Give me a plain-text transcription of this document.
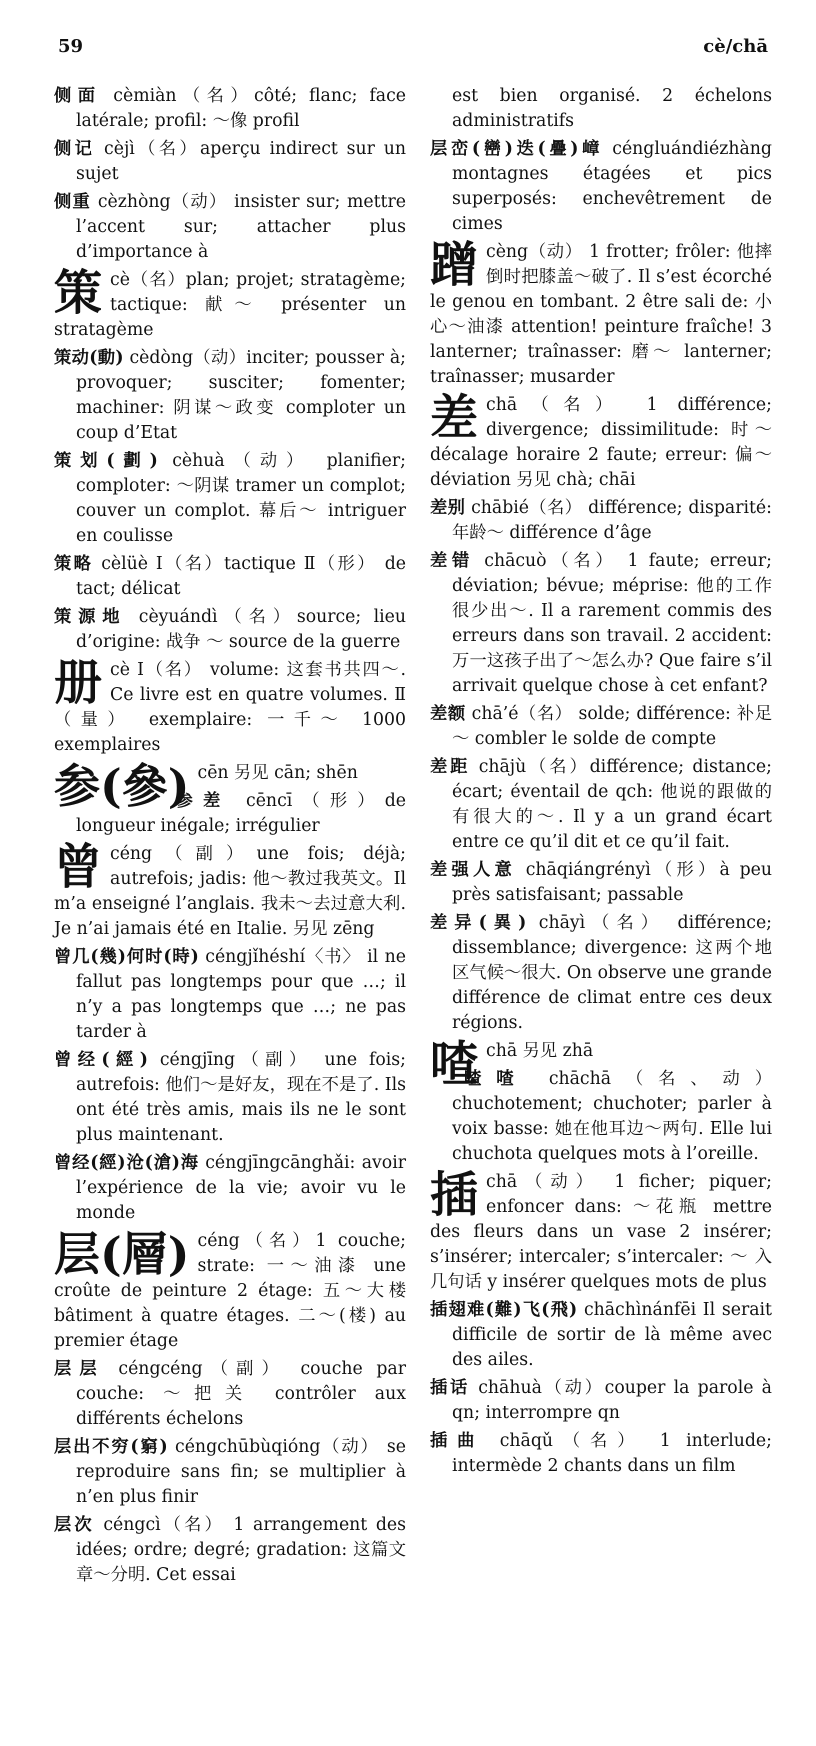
59	cè/chā

侧面 cèmiàn（名）côté; flanc; face latérale; profil: ～像 profil

侧记 cèjì（名）aperçu indirect sur un sujet

侧重 cèzhòng（动） insister sur; mettre l’accent sur; attacher plus d’importance à

策cè（名）plan; projet; stratagème; tactique: 献～ présenter un stratagème

策动(動) cèdòng（动）inciter; pousser à; provoquer; susciter; fomenter; machiner: 阴谋～政变 comploter un coup d’Etat

策划(劃) cèhuà（动） planifier; comploter: ～阴谋 tramer un complot; couver un complot. 幕后～ intriguer en coulisse

策略 cèlüè Ⅰ（名）tactique Ⅱ（形） de tact; délicat

策源地 cèyuándì（名）source; lieu d’origine: 战争 ～ source de la guerre

册cè Ⅰ（名） volume: 这套书共四～. Ce livre est en quatre volumes. Ⅱ（量） exemplaire: 一千～ 1000 exemplaires

参(參) cēn 另见 cān; shēn

参差 cēncī（形）de longueur inégale; irrégulier

曾céng（副）une fois; déjà; autrefois; jadis: 他～教过我英文。Il m’a enseigné l’anglais. 我未～去过意大利. Je n’ai jamais été en Italie. 另见 zēng

曾几(幾)何时(時) céngjǐhéshí〈书〉 il ne fallut pas longtemps pour que …; il n’y a pas longtemps que …; ne pas tarder à

曾经(經) céngjīng（副） une fois; autrefois: 他们～是好友，现在不是了. Ils ont été très amis, mais ils ne le sont plus maintenant.

曾经(經)沧(滄)海 céngjīngcānghǎi: avoir l’expérience de la vie; avoir vu le monde

层(層) céng（名）1 couche; strate: 一～油漆 une croûte de peinture 2 étage: 五～大楼 bâtiment à quatre étages. 二～(楼) au premier étage

层层 céngcéng（副） couche par couche: ～把关 contrôler aux différents échelons

层出不穷(窮) céngchūbùqióng（动） se reproduire sans fin; se multiplier à n’en plus finir

层次 céngcì（名） 1 arrangement des idées; ordre; degré; gradation: 这篇文章～分明. Cet essai

est bien organisé. 2 échelons administratifs

层峦(巒)迭(疊)嶂 céngluándiézhàng montagnes étagées et pics superposés: enchevêtrement de cimes

蹭cèng（动） 1 frotter; frôler: 他摔倒时把膝盖～破了. Il s’est écorché le genou en tombant. 2 être sali de: 小心～油漆 attention! peinture fraîche! 3 lanterner; traînasser: 磨～ lanterner; traînasser; musarder

差chā（名） 1 différence; divergence; dissimilitude: 时～ décalage horaire 2 faute; erreur: 偏～ déviation 另见 chà; chāi

差别 chābié（名） différence; disparité: 年龄～ différence d’âge

差错 chācuò（名） 1 faute; erreur; déviation; bévue; méprise: 他的工作很少出～. Il a rarement commis des erreurs dans son travail. 2 accident: 万一这孩子出了～怎么办? Que faire s’il arrivait quelque chose à cet enfant?

差额 chā’é（名） solde; différence: 补足～ combler le solde de compte

差距 chājù（名）différence; distance; écart; éventail de qch: 他说的跟做的有很大的～. Il y a un grand écart entre ce qu’il dit et ce qu’il fait.

差强人意 chāqiángrényì（形）à peu près satisfaisant; passable

差异(異) chāyì（名） différence; dissemblance; divergence: 这两个地区气候～很大. On observe une grande différence de climat entre ces deux régions.

喳chā 另见 zhā

喳喳 chāchā（名、动） chuchotement; chuchoter; parler à voix basse: 她在他耳边～两句. Elle lui chuchota quelques mots à l’oreille.

插chā（动） 1 ficher; piquer; enfoncer dans: ～花瓶 mettre des fleurs dans un vase 2 insérer; s’insérer; intercaler; s’intercaler: ～ 入几句话 y insérer quelques mots de plus

插翅难(難)飞(飛) chāchìnánfēi Il serait difficile de sortir de là même avec des ailes.

插话 chāhuà（动）couper la parole à qn; interrompre qn

插曲 chāqǔ（名） 1 interlude; intermède 2 chants dans un film
